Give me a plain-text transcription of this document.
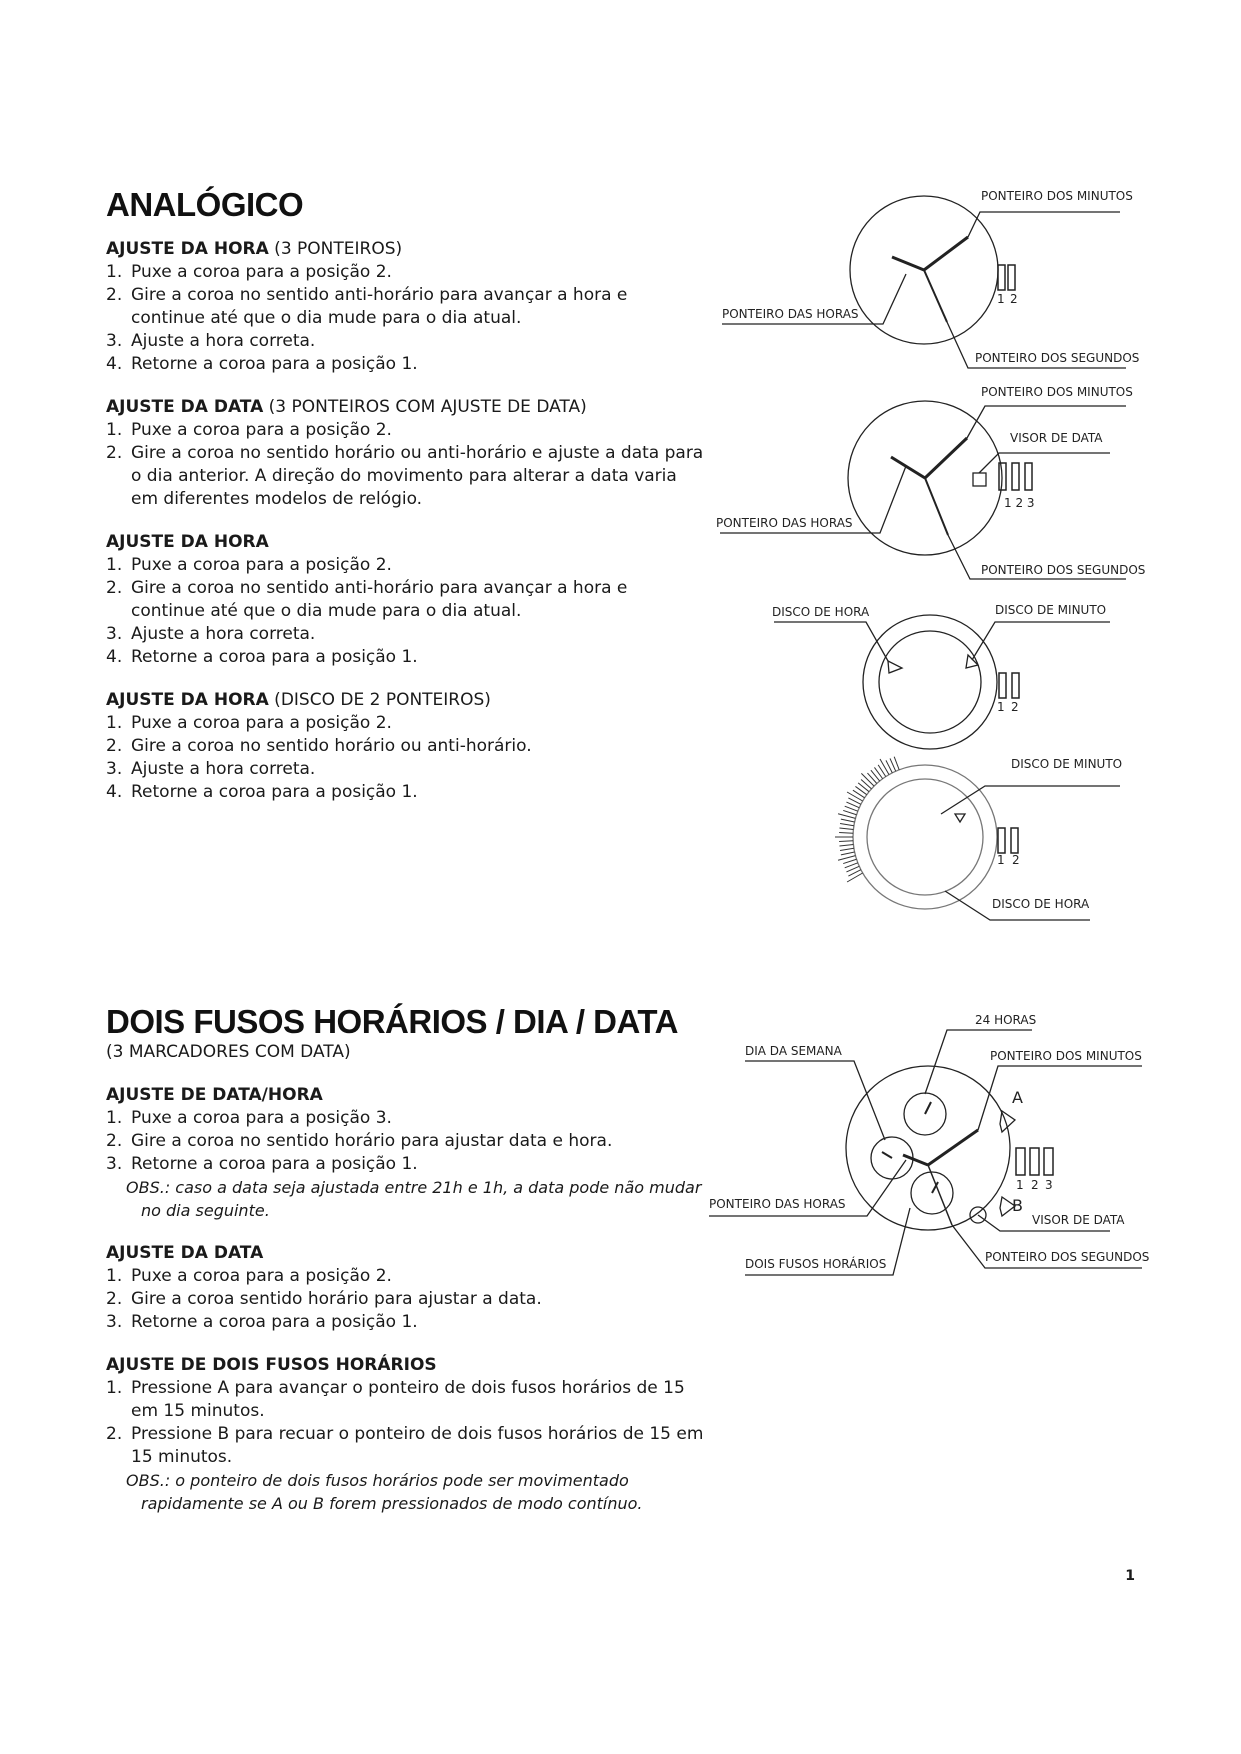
ANALÓGICO
AJUSTE DA HORA (3 PONTEIROS)
1. Puxe a coroa para a posição 2.
2. Gire a coroa no sentido anti-horário para avançar a hora e continue até que o dia mude para o dia atual.
3. Ajuste a hora correta.
4. Retorne a coroa para a posição 1.
AJUSTE DA DATA (3 PONTEIROS COM AJUSTE DE DATA)
1. Puxe a coroa para a posição 2.
2. Gire a coroa no sentido horário ou anti-horário e ajuste a data para o dia anterior. A direção do movimento para alterar a data varia em diferentes modelos de relógio.
AJUSTE DA HORA
1. Puxe a coroa para a posição 2.
2. Gire a coroa no sentido anti-horário para avançar a hora e continue até que o dia mude para o dia atual.
3. Ajuste a hora correta.
4. Retorne a coroa para a posição 1.
AJUSTE DA HORA (DISCO DE 2 PONTEIROS)
1. Puxe a coroa para a posição 2.
2. Gire a coroa no sentido horário ou anti-horário.
3. Ajuste a hora correta.
4. Retorne a coroa para a posição 1.
DOIS FUSOS HORÁRIOS / DIA / DATA
(3 MARCADORES COM DATA)
AJUSTE DE DATA/HORA
1. Puxe a coroa para a posição 3.
2. Gire a coroa no sentido horário para ajustar data e hora.
3. Retorne a coroa para a posição 1.
OBS.: caso a data seja ajustada entre 21h e 1h, a data pode não mudar no dia seguinte.
AJUSTE DA DATA
1. Puxe a coroa para a posição 2.
2. Gire a coroa sentido horário para ajustar a data.
3. Retorne a coroa para a posição 1.
AJUSTE DE DOIS FUSOS HORÁRIOS
1. Pressione A para avançar o ponteiro de dois fusos horários de 15 em 15 minutos.
2. Pressione B para recuar o ponteiro de dois fusos horários de 15 em 15 minutos.
OBS.: o ponteiro de dois fusos horários pode ser movimentado rapidamente se A ou B forem pressionados de modo contínuo.
PONTEIRO DOS MINUTOS
PONTEIRO DAS HORAS
PONTEIRO DOS SEGUNDOS
1 2
PONTEIRO DOS MINUTOS
VISOR DE DATA
PONTEIRO DAS HORAS
PONTEIRO DOS SEGUNDOS
1 2 3
DISCO DE HORA	DISCO DE MINUTO
1 2
DISCO DE MINUTO
DISCO DE HORA
1 2
24 HORAS
DIA DA SEMANA	PONTEIRO DOS MINUTOS
A
B
PONTEIRO DAS HORAS
VISOR DE DATA
DOIS FUSOS HORÁRIOS	PONTEIRO DOS SEGUNDOS
1 2 3
1
